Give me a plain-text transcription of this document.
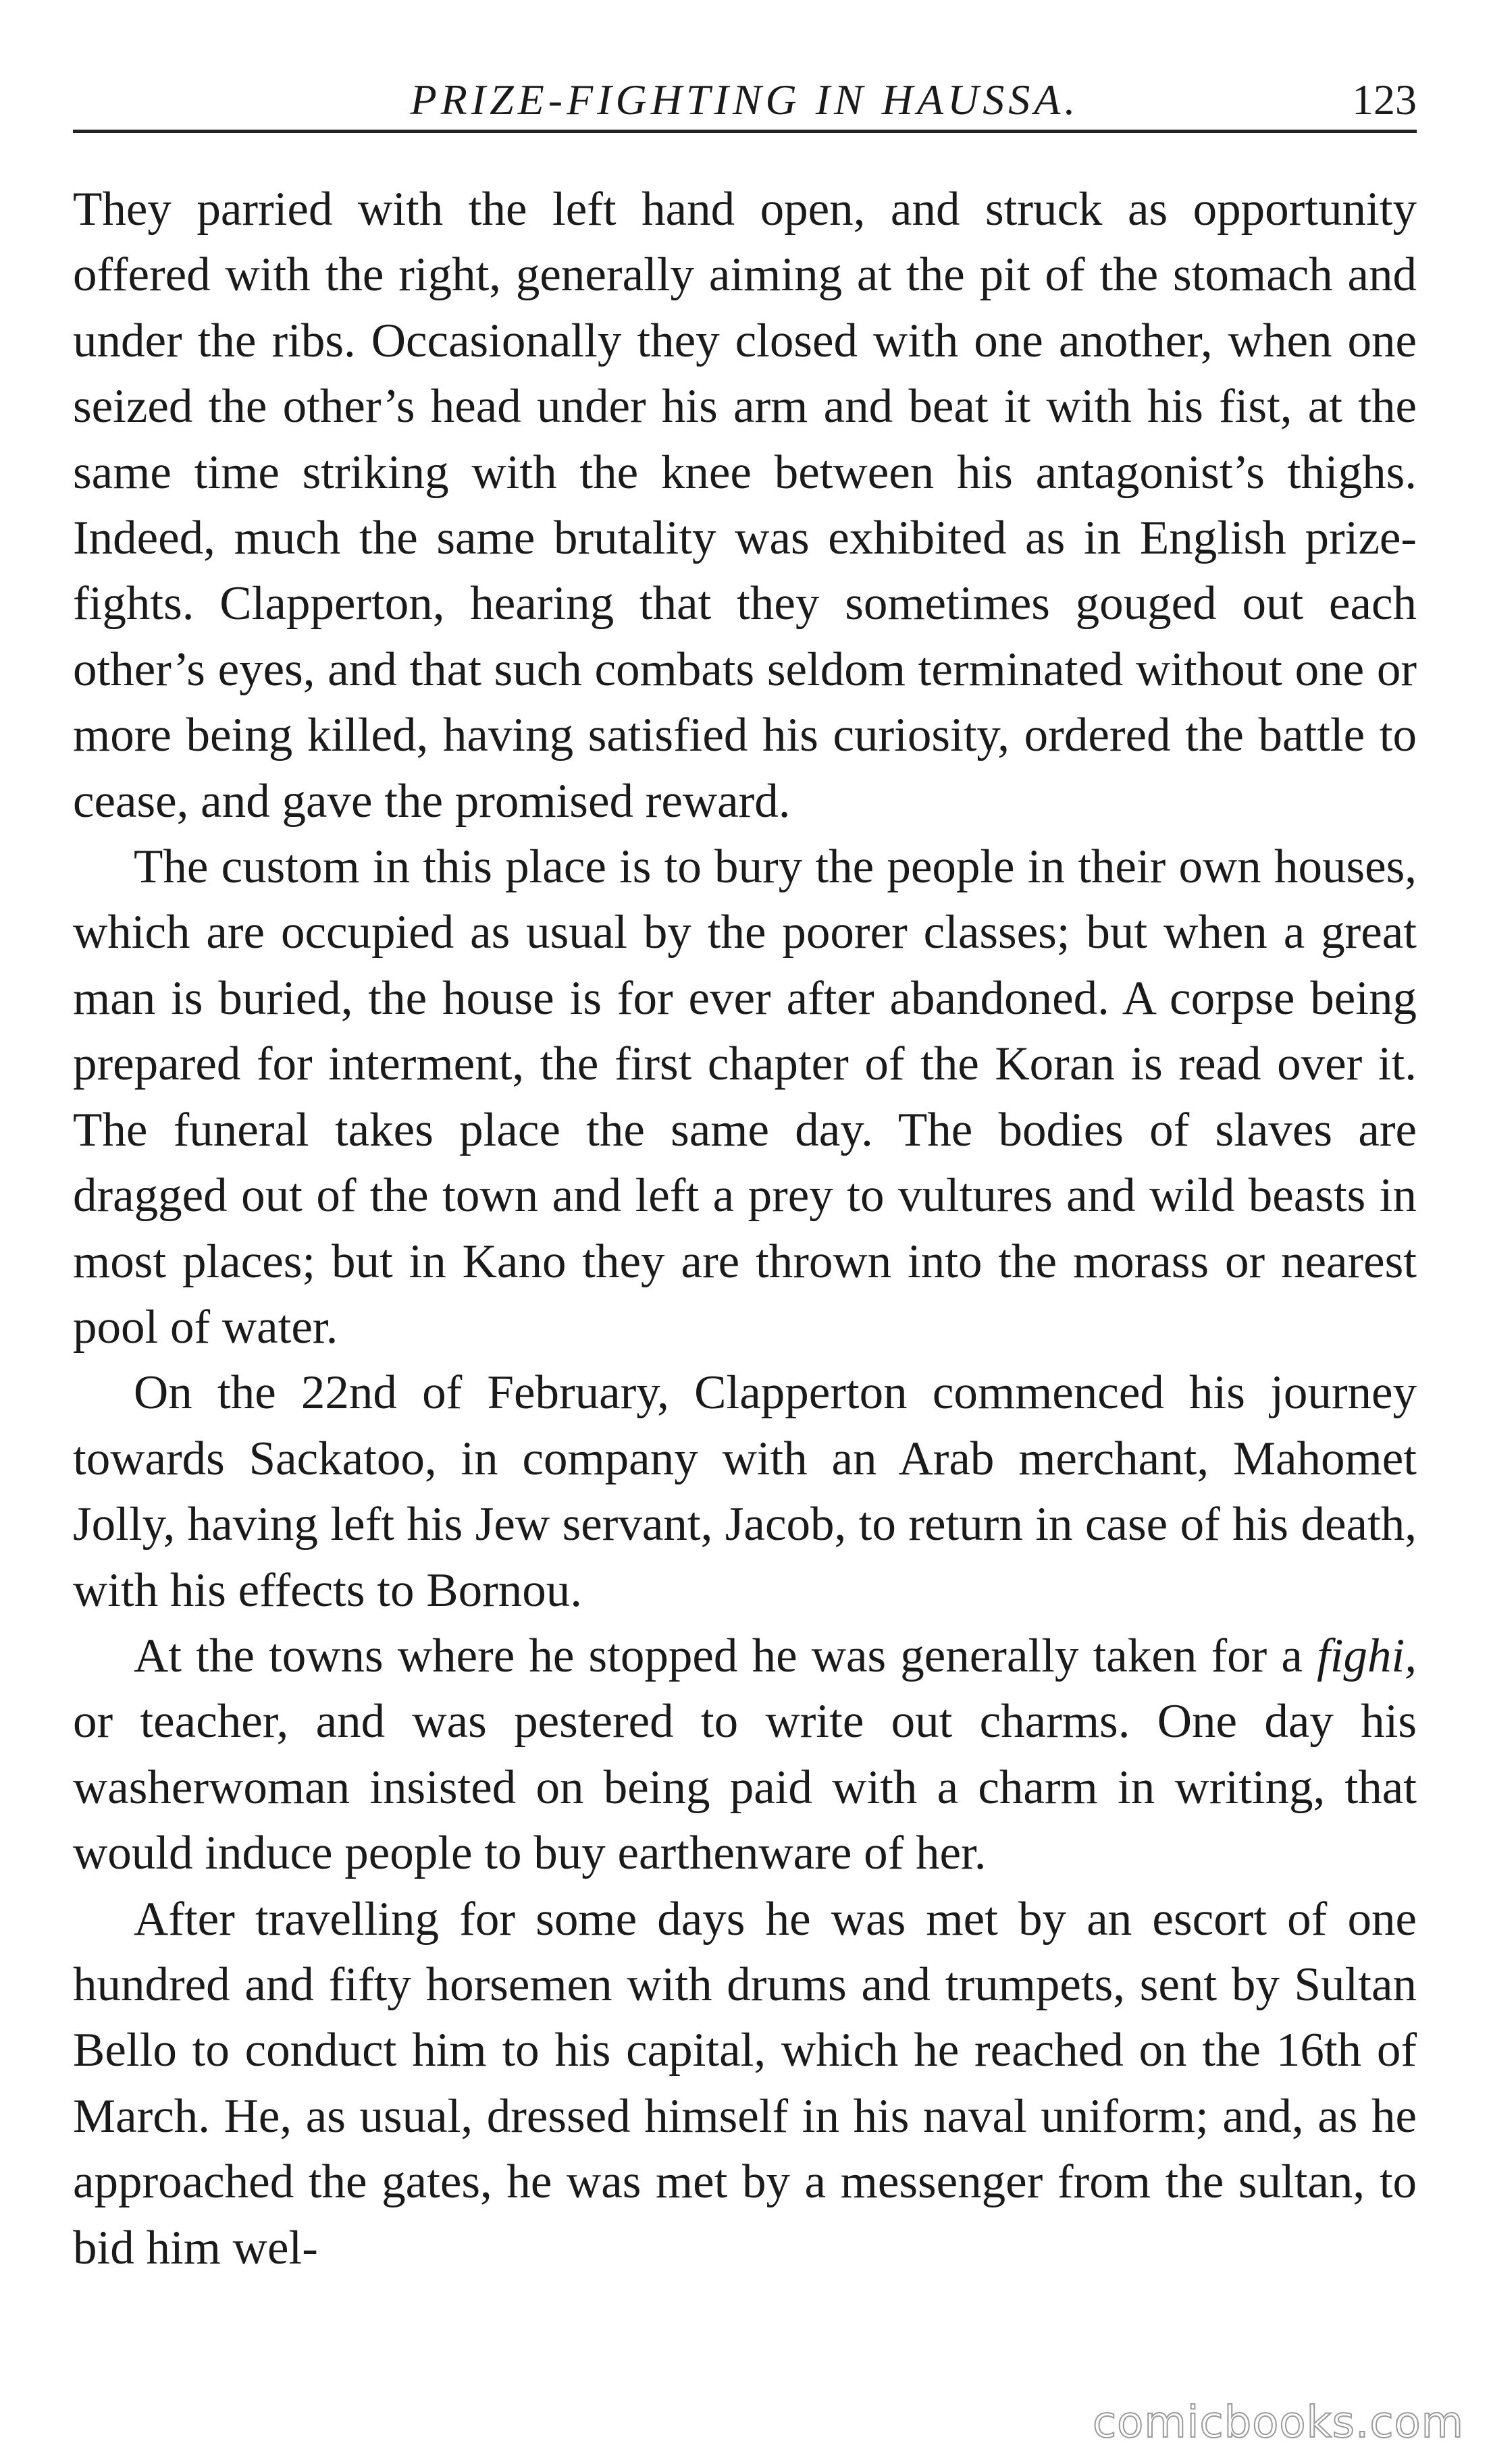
PRIZE-FIGHTING IN HAUSSA.	123

They parried with the left hand open, and struck as opportunity offered with the right, generally aiming at the pit of the stomach and under the ribs. Occasionally they closed with one another, when one seized the other’s head under his arm and beat it with his fist, at the same time striking with the knee between his antagonist’s thighs. Indeed, much the same brutality was exhibited as in English prize-fights. Clapperton, hearing that they sometimes gouged out each other’s eyes, and that such combats seldom terminated without one or more being killed, having satisfied his curiosity, ordered the battle to cease, and gave the promised reward.

The custom in this place is to bury the people in their own houses, which are occupied as usual by the poorer classes; but when a great man is buried, the house is for ever after abandoned. A corpse being prepared for interment, the first chapter of the Koran is read over it. The funeral takes place the same day. The bodies of slaves are dragged out of the town and left a prey to vultures and wild beasts in most places; but in Kano they are thrown into the morass or nearest pool of water.

On the 22nd of February, Clapperton commenced his journey towards Sackatoo, in company with an Arab merchant, Mahomet Jolly, having left his Jew servant, Jacob, to return in case of his death, with his effects to Bornou.

At the towns where he stopped he was generally taken for a fighi, or teacher, and was pestered to write out charms. One day his washerwoman insisted on being paid with a charm in writing, that would induce people to buy earthenware of her.

After travelling for some days he was met by an escort of one hundred and fifty horsemen with drums and trumpets, sent by Sultan Bello to conduct him to his capital, which he reached on the 16th of March. He, as usual, dressed himself in his naval uniform; and, as he approached the gates, he was met by a messenger from the sultan, to bid him wel-

comicbooks.com
